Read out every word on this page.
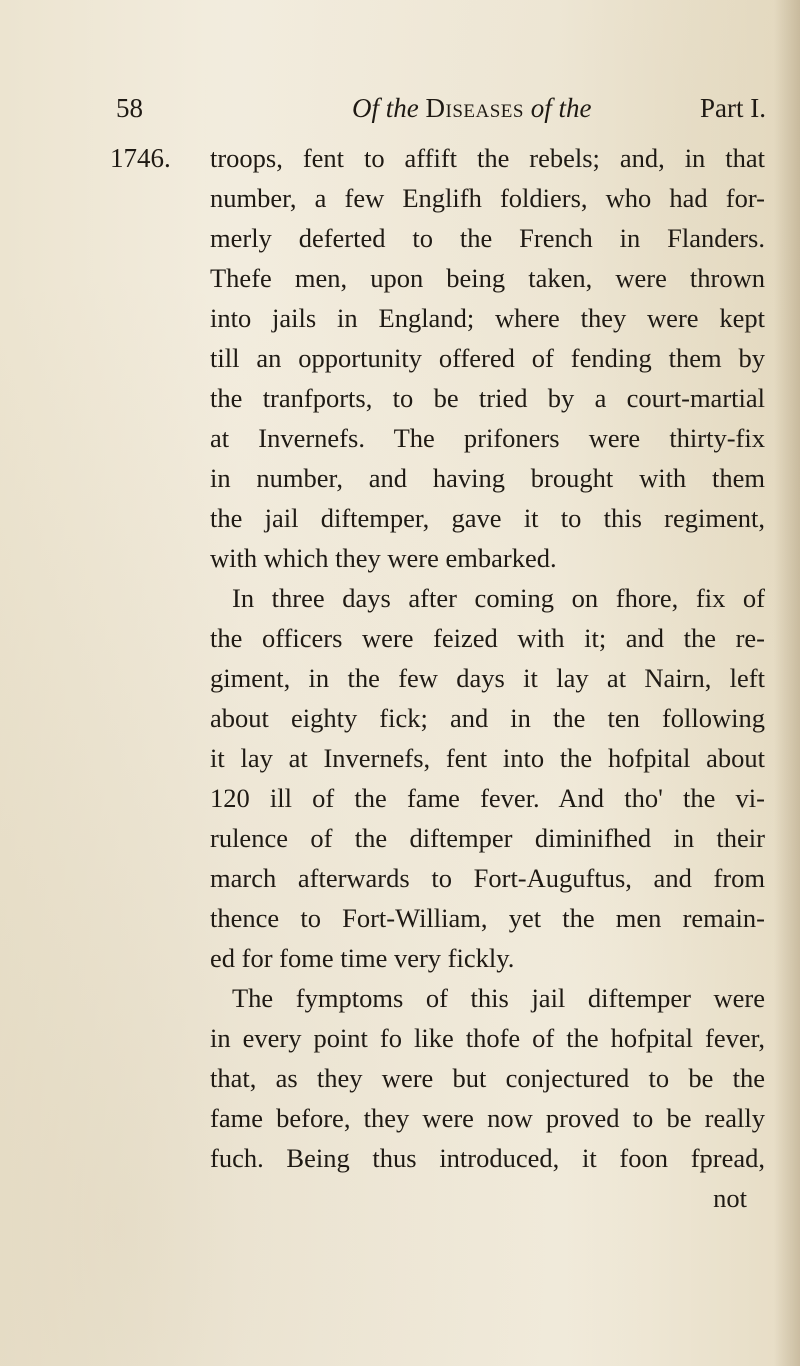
58	Of the Diseases of the	Part I.
1746. troops, fent to affift the rebels; and, in that
number, a few Englifh foldiers, who had for-
merly deferted to the French in Flanders.
Thefe men, upon being taken, were thrown
into jails in England; where they were kept
till an opportunity offered of fending them by
the tranfports, to be tried by a court-martial
at Invernefs. The prifoners were thirty-fix
in number, and having brought with them
the jail diftemper, gave it to this regiment,
with which they were embarked.
In three days after coming on fhore, fix of
the officers were feized with it; and the re-
giment, in the few days it lay at Nairn, left
about eighty fick; and in the ten following
it lay at Invernefs, fent into the hofpital about
120 ill of the fame fever. And tho' the vi-
rulence of the diftemper diminifhed in their
march afterwards to Fort-Auguftus, and from
thence to Fort-William, yet the men remain-
ed for fome time very fickly.
The fymptoms of this jail diftemper were
in every point fo like thofe of the hofpital fever,
that, as they were but conjectured to be the
fame before, they were now proved to be really
fuch. Being thus introduced, it foon fpread,
not
